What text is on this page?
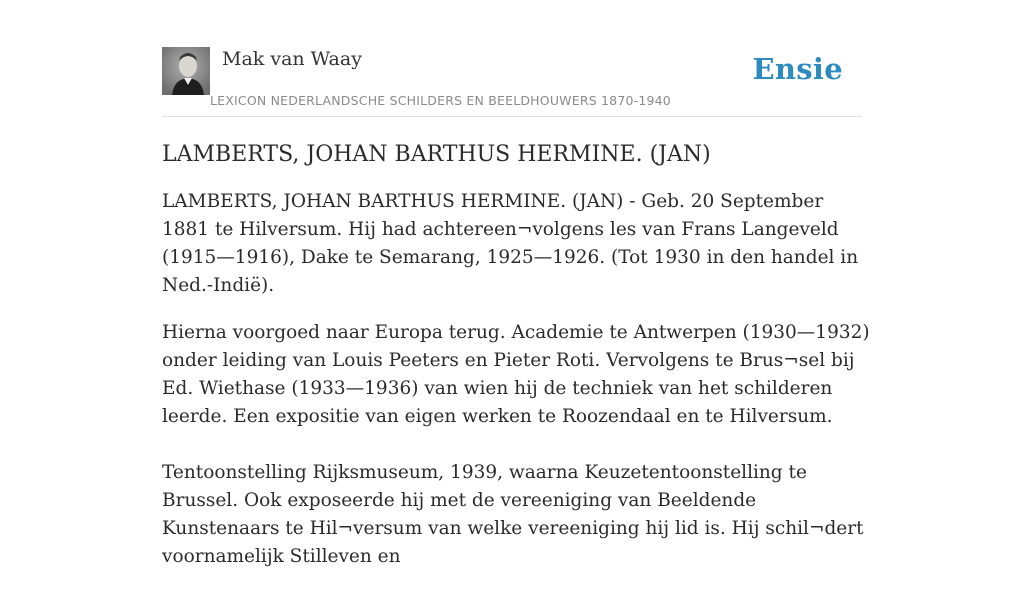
Mak van Waay
LEXICON NEDERLANDSCHE SCHILDERS EN BEELDHOUWERS 1870-1940
Ensie
LAMBERTS, JOHAN BARTHUS HERMINE. (JAN)

LAMBERTS, JOHAN BARTHUS HERMINE. (JAN) - Geb. 20 September 1881 te Hilversum. Hij had achtereen¬volgens les van Frans Langeveld (1915—1916), Dake te Semarang, 1925—1926. (Tot 1930 in den handel in Ned.-Indië).

Hierna voorgoed naar Europa terug. Academie te Antwerpen (1930—1932) onder leiding van Louis Peeters en Pieter Roti. Vervolgens te Brus¬sel bij Ed. Wiethase (1933—1936) van wien hij de techniek van het schilderen leerde. Een expositie van eigen werken te Roozendaal en te Hilversum.

Tentoonstelling Rijksmuseum, 1939, waarna Keuzetentoonstelling te Brussel. Ook exposeerde hij met de vereeniging van Beeldende Kunstenaars te Hil¬versum van welke vereeniging hij lid is. Hij schil¬dert voornamelijk Stilleven en
